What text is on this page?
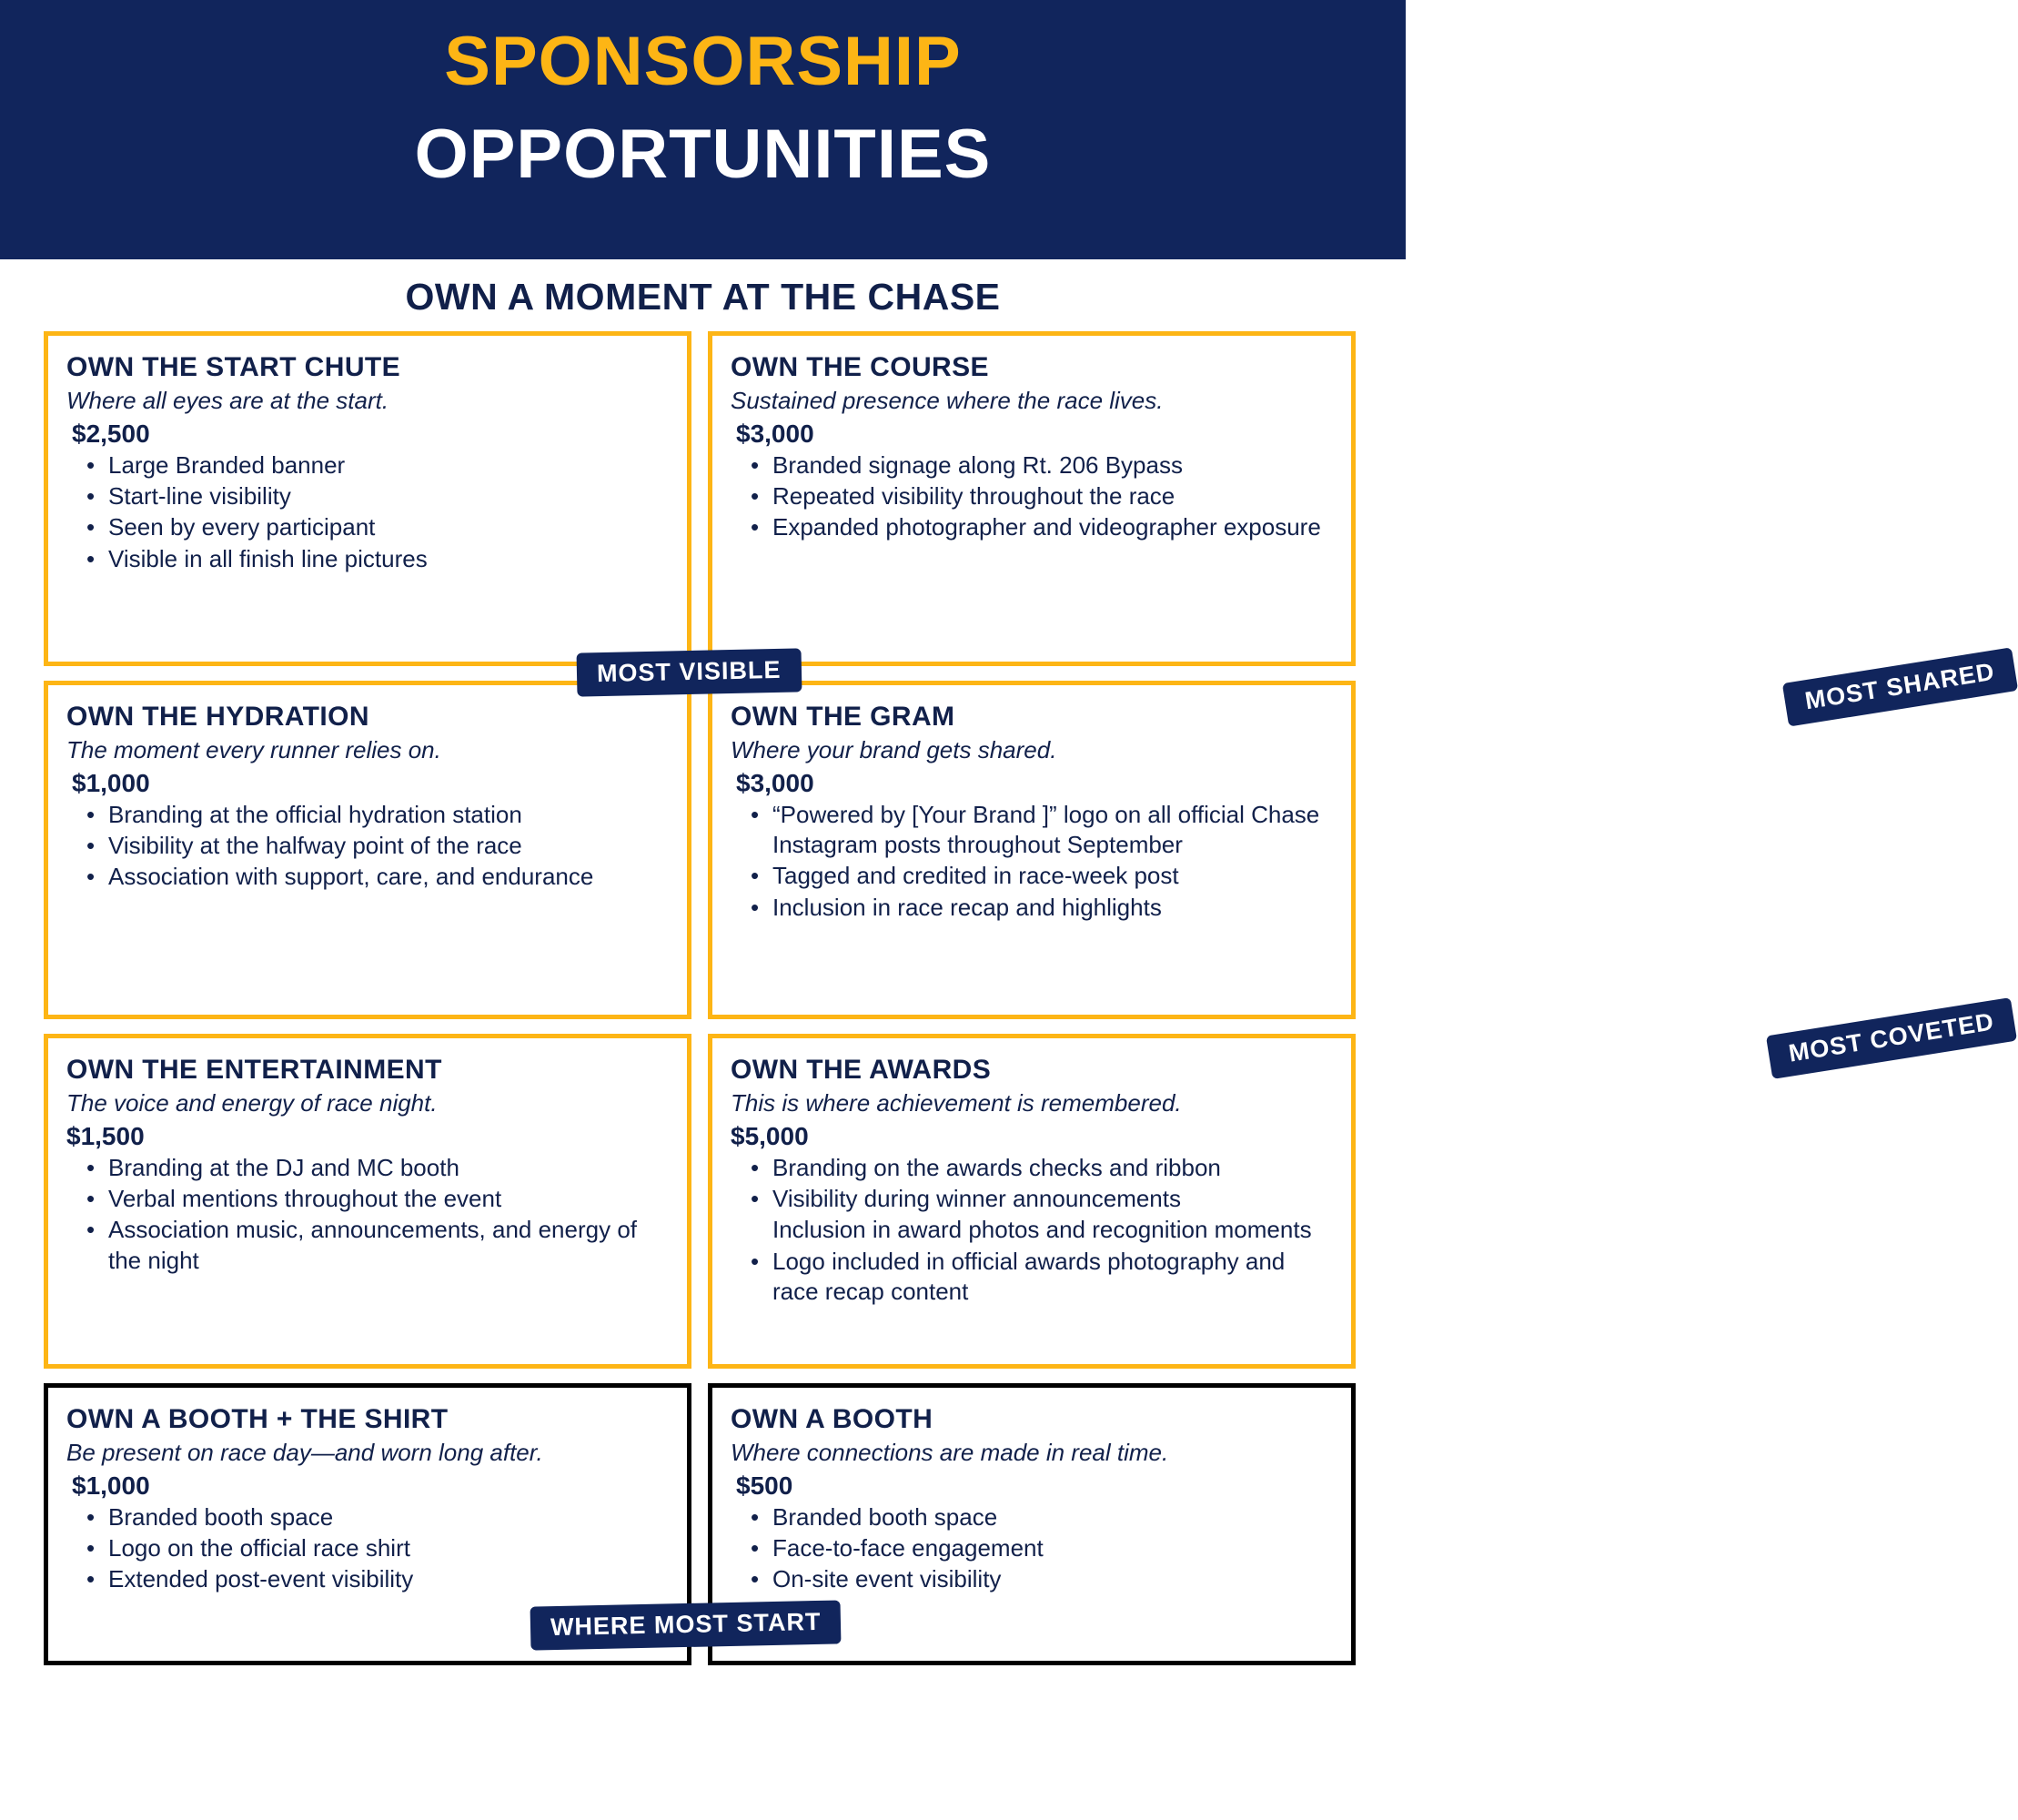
SPONSORSHIP
OPPORTUNITIES
OWN A MOMENT AT THE CHASE
OWN THE START CHUTE
Where all eyes are at the start.
$2,500
• Large Branded banner
• Start-line visibility
• Seen by every participant
• Visible in all finish line pictures
OWN THE COURSE
Sustained presence where the race lives.
$3,000
• Branded signage along Rt. 206 Bypass
• Repeated visibility throughout the race
• Expanded photographer and videographer exposure
MOST VISIBLE
OWN THE HYDRATION
The moment every runner relies on.
$1,000
• Branding at the official hydration station
• Visibility at the halfway point of the race
• Association with support, care, and endurance
OWN THE GRAM
Where your brand gets shared.
$3,000
• “Powered by [Your Brand ]” logo on all official Chase Instagram posts throughout September
• Tagged and credited in race-week post
• Inclusion in race recap and highlights
MOST SHARED
OWN THE ENTERTAINMENT
The voice and energy of race night.
$1,500
• Branding at the DJ and MC booth
• Verbal mentions throughout the event
• Association music, announcements, and energy of the night
OWN THE AWARDS
This is where achievement is remembered.
$5,000
• Branding on the awards checks and ribbon
• Visibility during winner announcements
Inclusion in award photos and recognition moments
• Logo included in official awards photography and race recap content
MOST COVETED
OWN A BOOTH + THE SHIRT
Be present on race day—and worn long after.
$1,000
• Branded booth space
• Logo on the official race shirt
• Extended post-event visibility
OWN A BOOTH
Where connections are made in real time.
$500
• Branded booth space
• Face-to-face engagement
• On-site event visibility
WHERE MOST START
